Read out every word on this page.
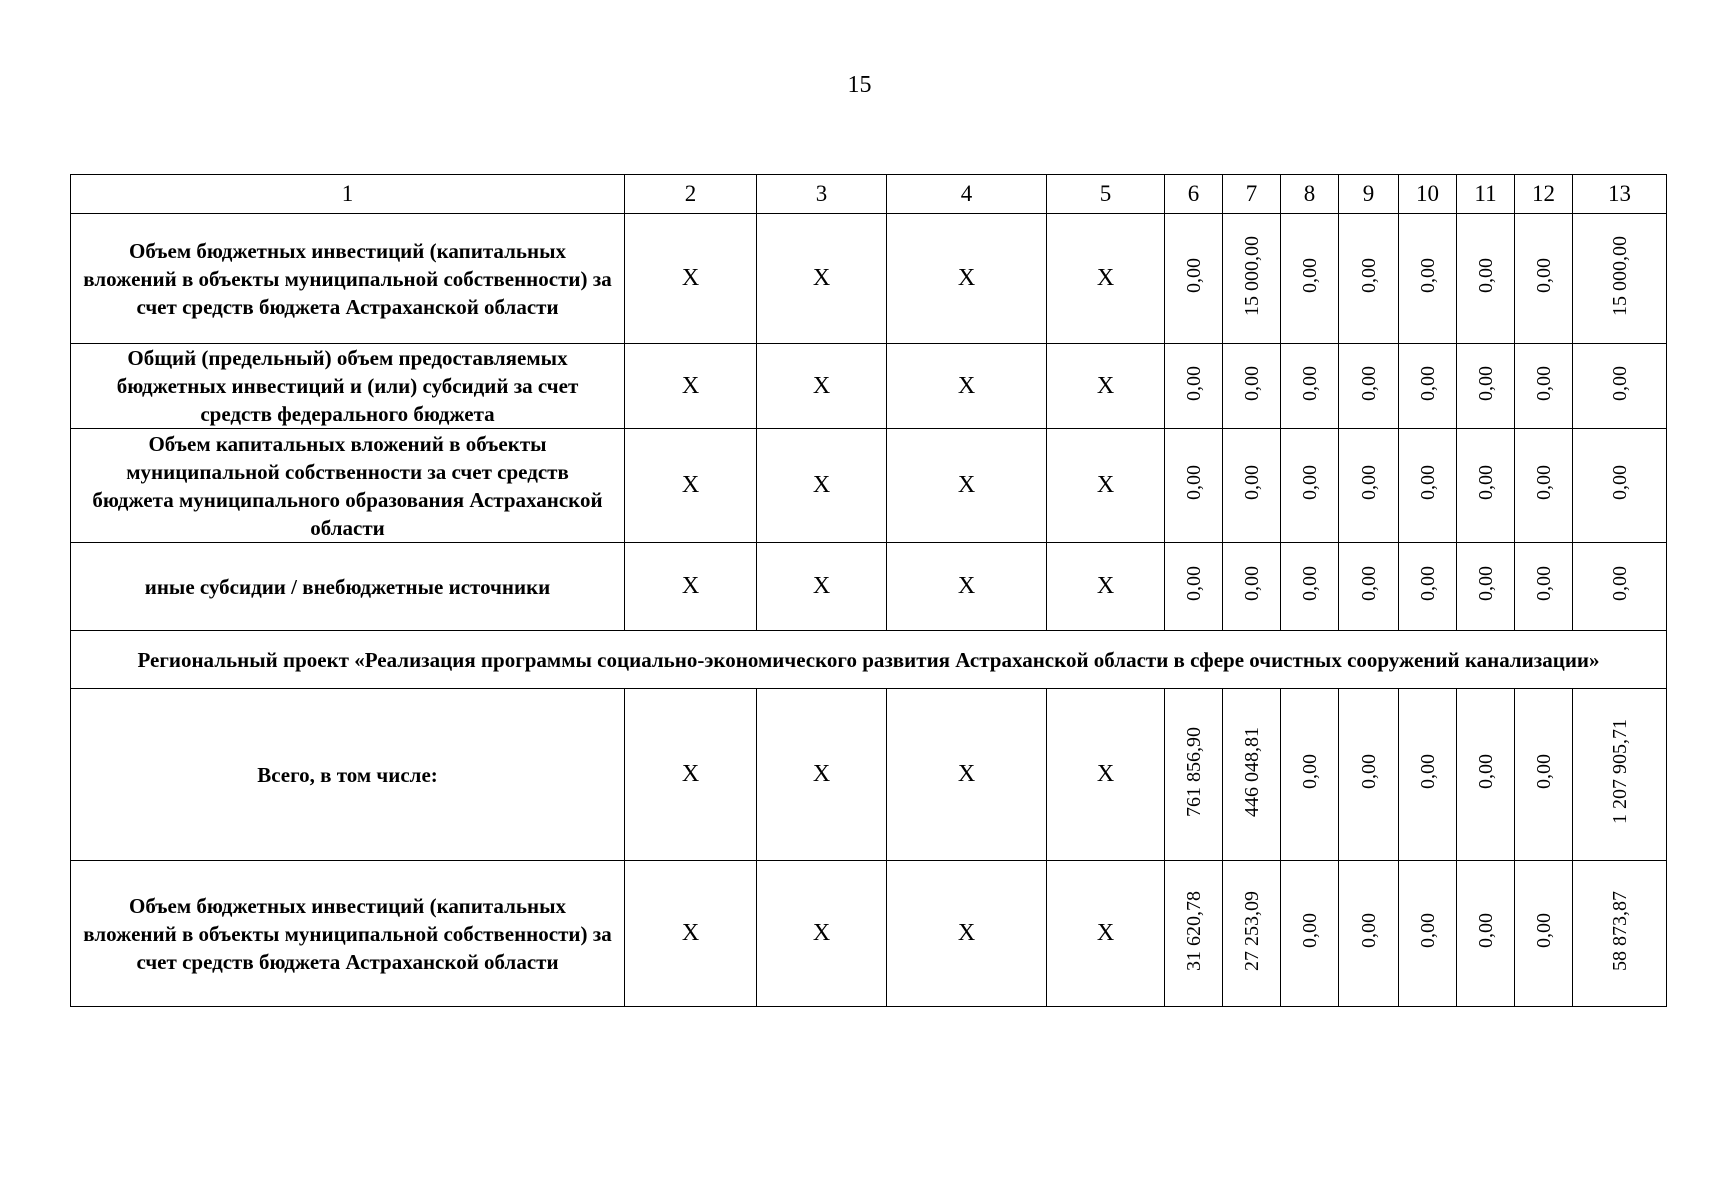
15
1	2	3	4	5	6	7	8	9	10	11	12	13
Объем бюджетных инвестиций (капитальных вложений в объекты муниципальной собственности) за счет средств бюджета Астраханской области	X	X	X	X	0,00	15 000,00	0,00	0,00	0,00	0,00	0,00	15 000,00
Общий (предельный) объем предоставляемых бюджетных инвестиций и (или) субсидий за счет средств федерального бюджета	X	X	X	X	0,00	0,00	0,00	0,00	0,00	0,00	0,00	0,00
Объем капитальных вложений в объекты муниципальной собственности за счет средств бюджета муниципального образования Астраханской области	X	X	X	X	0,00	0,00	0,00	0,00	0,00	0,00	0,00	0,00
иные субсидии / внебюджетные источники	X	X	X	X	0,00	0,00	0,00	0,00	0,00	0,00	0,00	0,00
Региональный проект «Реализация программы социально-экономического развития Астраханской области в сфере очистных сооружений канализации»												
Всего, в том числе:	X	X	X	X	761 856,90	446 048,81	0,00	0,00	0,00	0,00	0,00	1 207 905,71
Объем бюджетных инвестиций (капитальных вложений в объекты муниципальной собственности) за счет средств бюджета Астраханской области	X	X	X	X	31 620,78	27 253,09	0,00	0,00	0,00	0,00	0,00	58 873,87
